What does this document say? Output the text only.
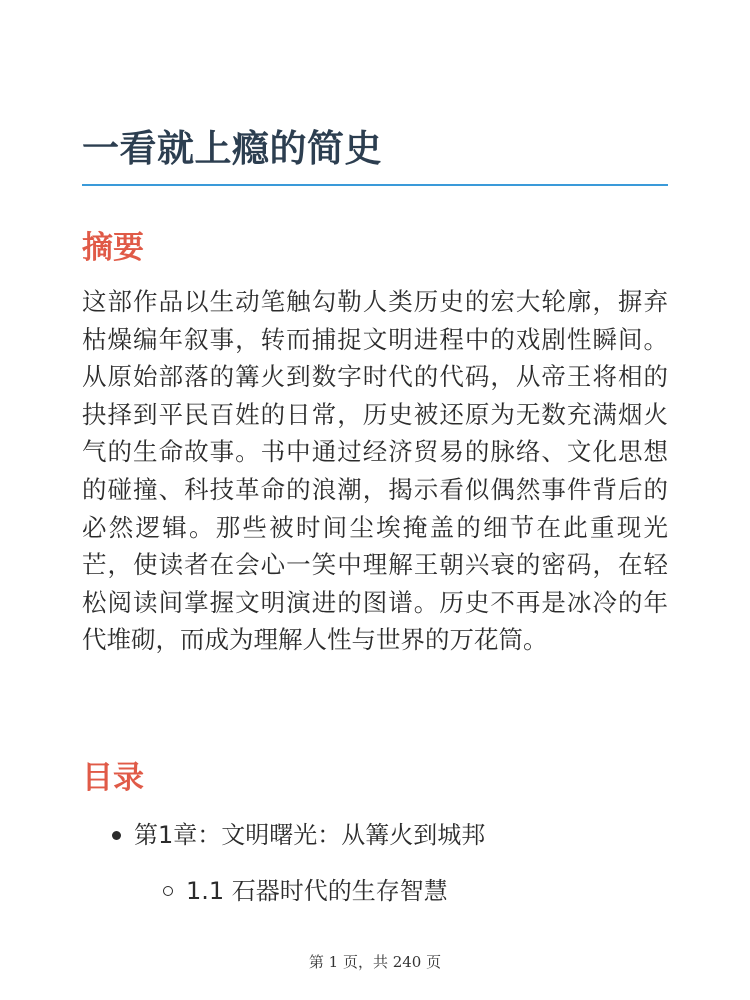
一看就上瘾的简史
摘要

这部作品以生动笔触勾勒人类历史的宏大轮廓，摒弃枯燥编年叙事，转而捕捉文明进程中的戏剧性瞬间。从原始部落的篝火到数字时代的代码，从帝王将相的抉择到平民百姓的日常，历史被还原为无数充满烟火气的生命故事。书中通过经济贸易的脉络、文化思想的碰撞、科技革命的浪潮，揭示看似偶然事件背后的必然逻辑。那些被时间尘埃掩盖的细节在此重现光芒，使读者在会心一笑中理解王朝兴衰的密码，在轻松阅读间掌握文明演进的图谱。历史不再是冰冷的年代堆砌，而成为理解人性与世界的万花筒。

目录
第1章：文明曙光：从篝火到城邦
1.1 石器时代的生存智慧
第 1 页，共 240 页
